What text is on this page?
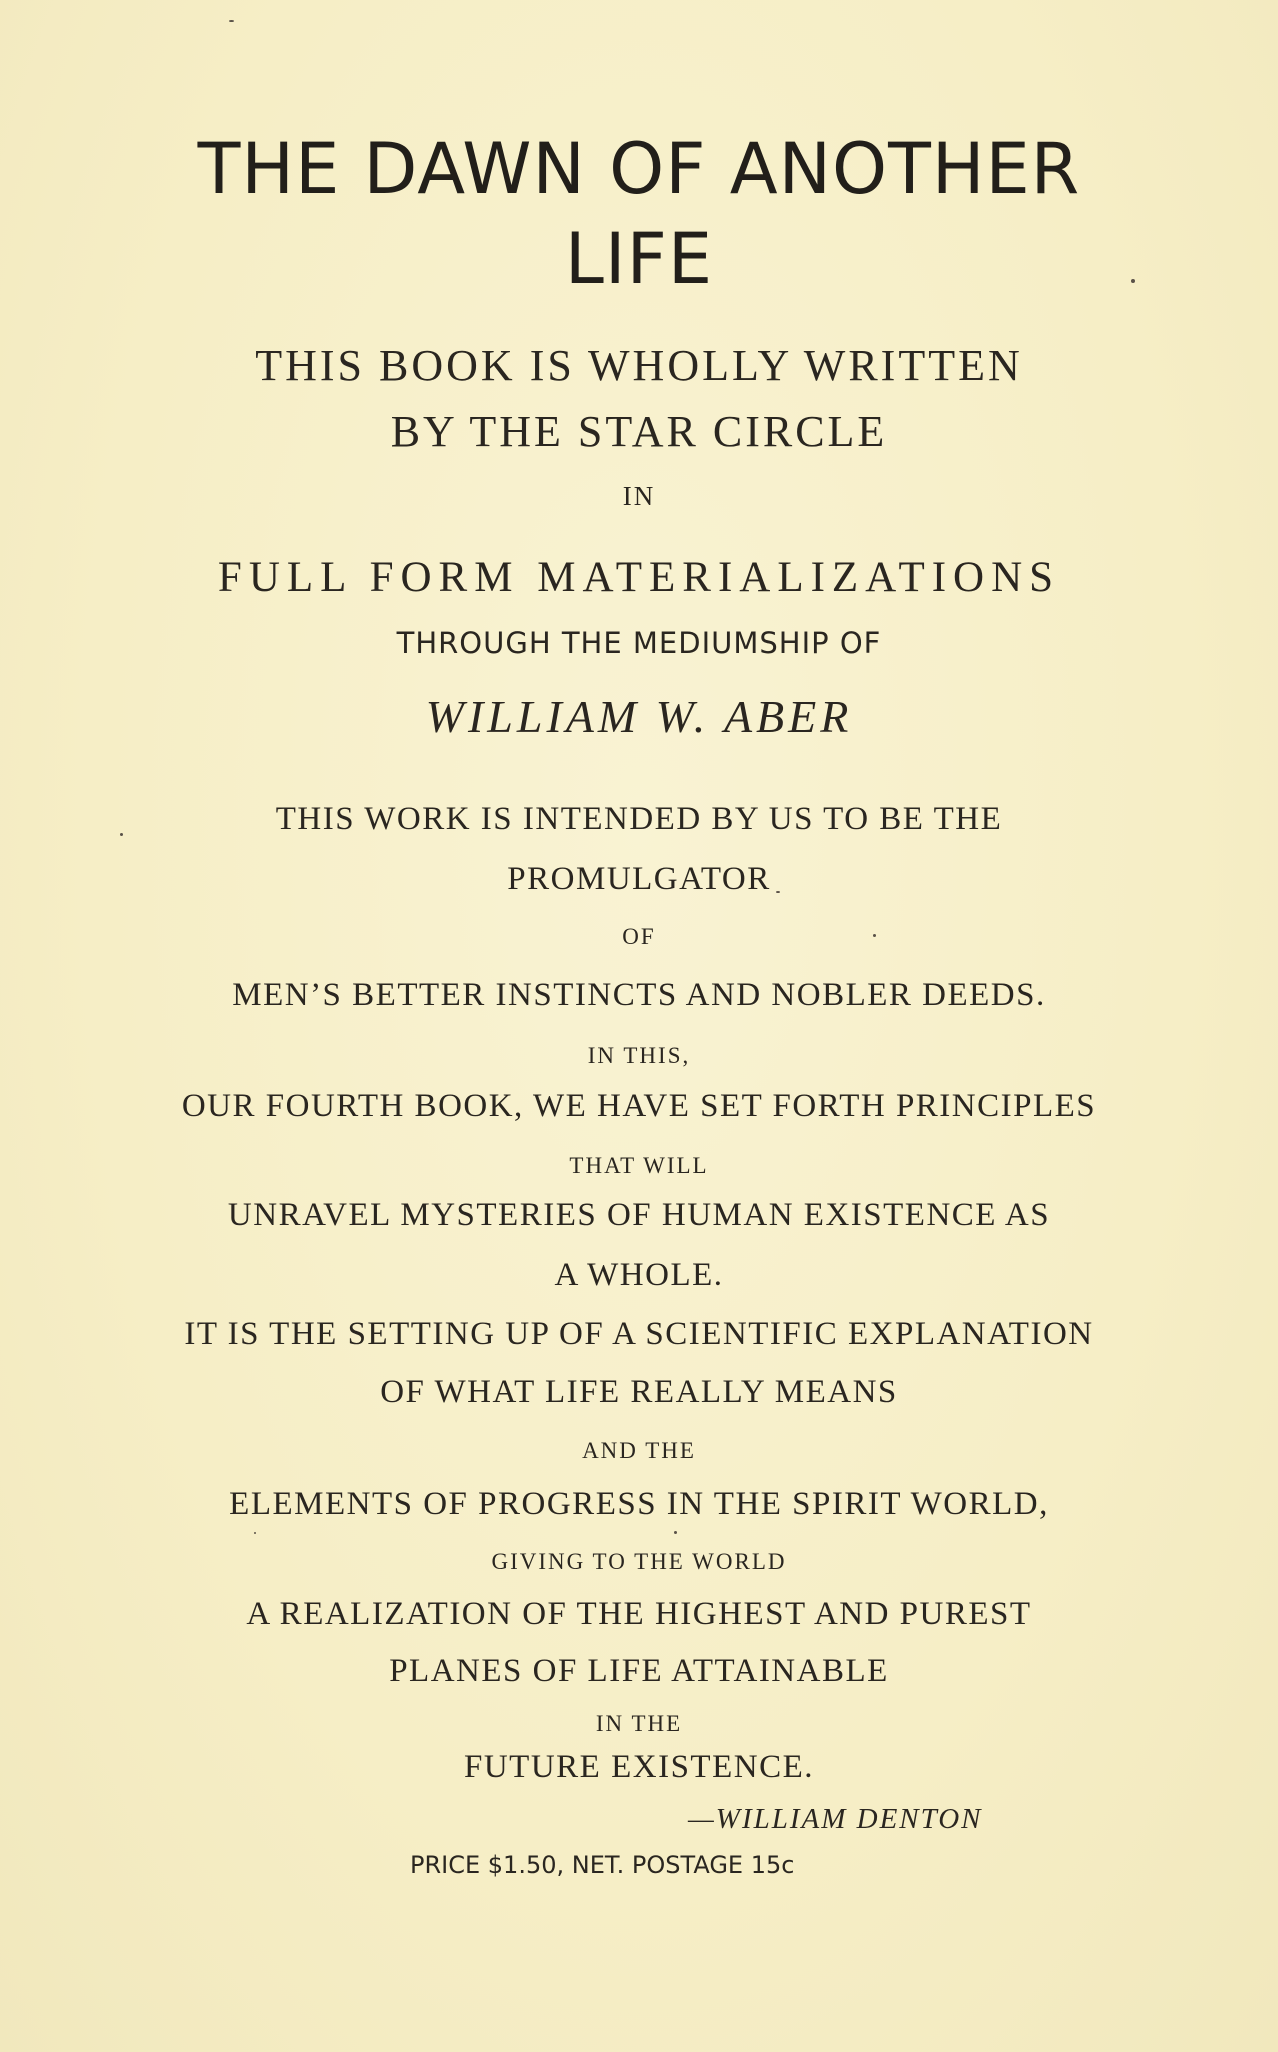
THE DAWN OF ANOTHER
LIFE

THIS BOOK IS WHOLLY WRITTEN

BY THE STAR CIRCLE

IN

FULL FORM MATERIALIZATIONS

THROUGH THE MEDIUMSHIP OF

WILLIAM W. ABER

THIS WORK IS INTENDED BY US TO BE THE

PROMULGATOR

OF

MEN’S BETTER INSTINCTS AND NOBLER DEEDS.

IN THIS,

OUR FOURTH BOOK, WE HAVE SET FORTH PRINCIPLES

THAT WILL

UNRAVEL MYSTERIES OF HUMAN EXISTENCE AS

A WHOLE.

IT IS THE SETTING UP OF A SCIENTIFIC EXPLANATION

OF WHAT LIFE REALLY MEANS

AND THE

ELEMENTS OF PROGRESS IN THE SPIRIT WORLD,

GIVING TO THE WORLD

A REALIZATION OF THE HIGHEST AND PUREST

PLANES OF LIFE ATTAINABLE

IN THE

FUTURE EXISTENCE.

—WILLIAM DENTON

PRICE $1.50, NET. POSTAGE 15c
